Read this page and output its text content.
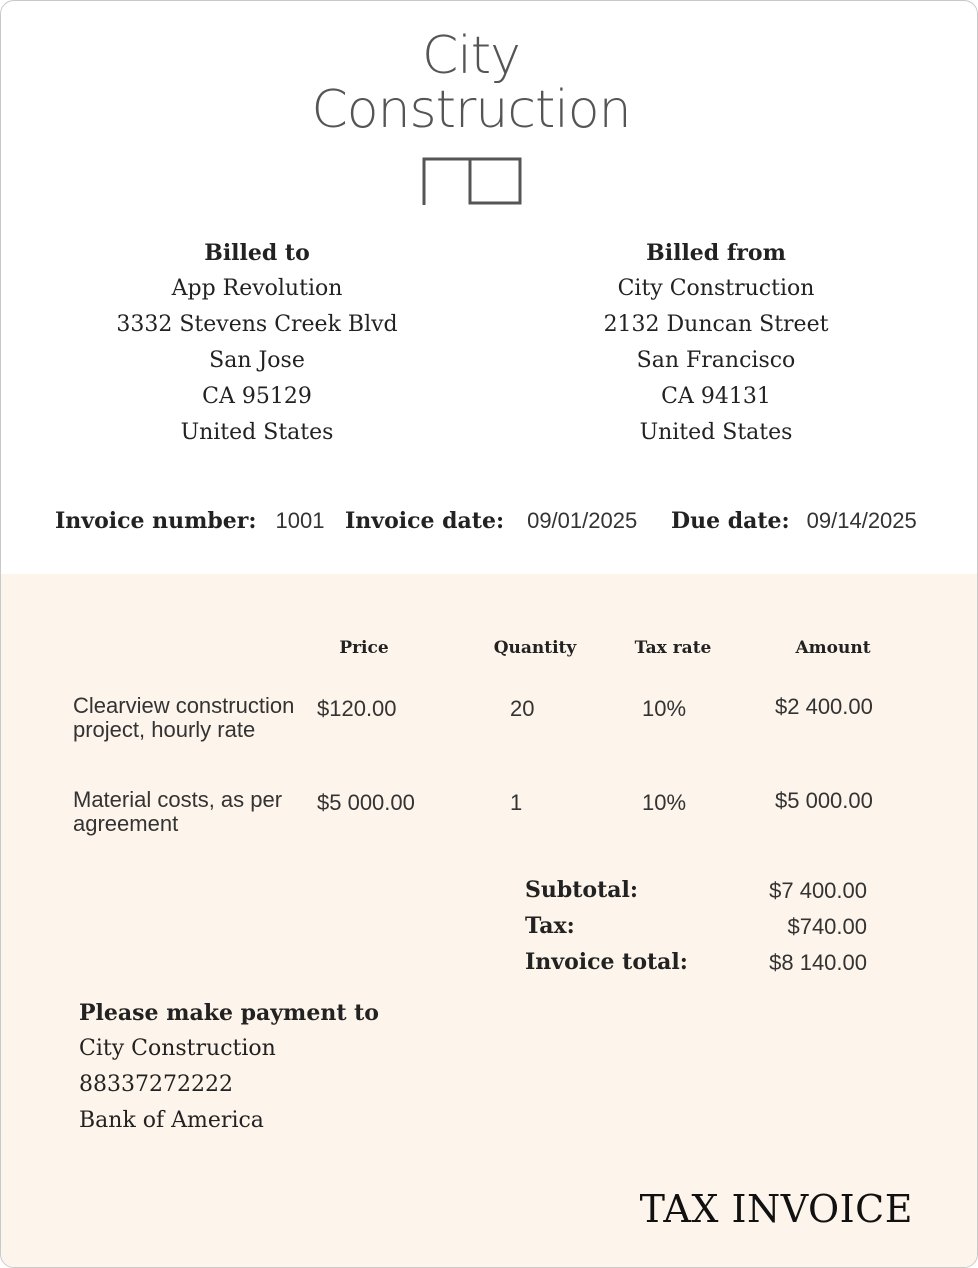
City
Construction
Billed to
App Revolution
3332 Stevens Creek Blvd
San Jose
CA 95129
United States
Billed from
City Construction
2132 Duncan Street
San Francisco
CA 94131
United States
Invoice number: 1001 Invoice date: 09/01/2025 Due date: 09/14/2025
Price	Quantity	Tax rate	Amount
Clearview construction project, hourly rate
$120.00	20	10%	$2 400.00
Material costs, as per agreement
$5 000.00	1	10%	$5 000.00
Subtotal:	$7 400.00
Tax:	$740.00
Invoice total:	$8 140.00
Please make payment to
City Construction
88337272222
Bank of America
TAX INVOICE
